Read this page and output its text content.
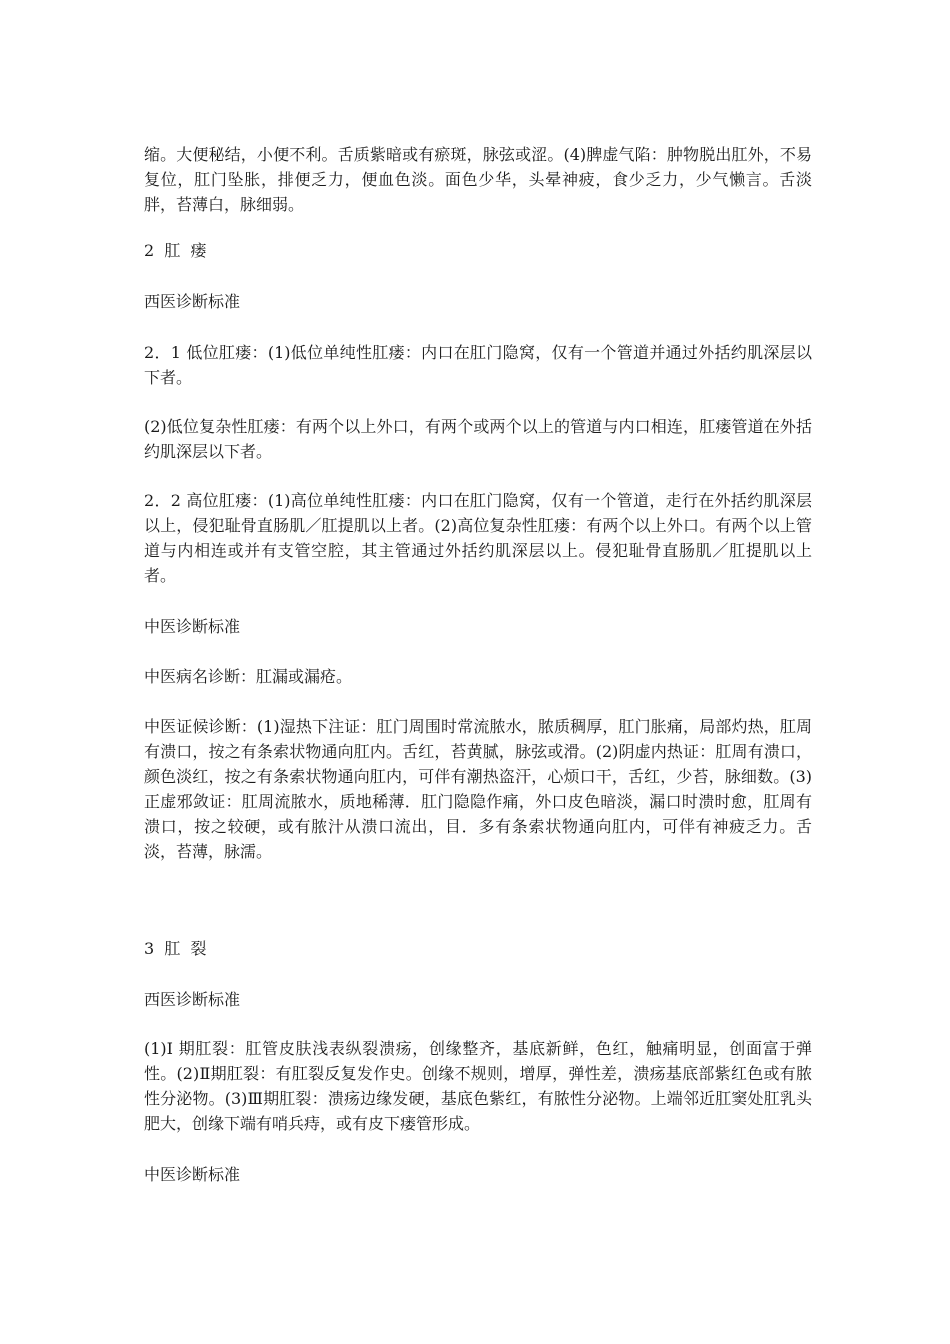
缩。大便秘结，小便不利。舌质紫暗或有瘀斑，脉弦或涩。(4)脾虚气陷：肿物脱出肛外，不易复位，肛门坠胀，排便乏力，便血色淡。面色少华，头晕神疲，食少乏力，少气懒言。舌淡胖，苔薄白，脉细弱。

2  肛  瘘

西医诊断标准

2．1 低位肛瘘：(1)低位单纯性肛瘘：内口在肛门隐窝，仅有一个管道并通过外括约肌深层以下者。

(2)低位复杂性肛瘘：有两个以上外口，有两个或两个以上的管道与内口相连，肛瘘管道在外括约肌深层以下者。

2．2 高位肛瘘：(1)高位单纯性肛瘘：内口在肛门隐窝，仅有一个管道，走行在外括约肌深层以上，侵犯耻骨直肠肌／肛提肌以上者。(2)高位复杂性肛瘘：有两个以上外口。有两个以上管道与内相连或并有支管空腔，其主管通过外括约肌深层以上。侵犯耻骨直肠肌／肛提肌以上者。

中医诊断标准

中医病名诊断：肛漏或漏疮。

中医证候诊断：(1)湿热下注证：肛门周围时常流脓水，脓质稠厚，肛门胀痛，局部灼热，肛周有溃口，按之有条索状物通向肛内。舌红，苔黄腻，脉弦或滑。(2)阴虚内热证：肛周有溃口，颜色淡红，按之有条索状物通向肛内，可伴有潮热盗汗，心烦口干，舌红，少苔，脉细数。(3)正虚邪敛证：肛周流脓水，质地稀薄．肛门隐隐作痛，外口皮色暗淡，漏口时溃时愈，肛周有溃口，按之较硬，或有脓汁从溃口流出，目．多有条索状物通向肛内，可伴有神疲乏力。舌淡，苔薄，脉濡。

3  肛  裂

西医诊断标准

(1)I 期肛裂：肛管皮肤浅表纵裂溃疡，创缘整齐，基底新鲜，色红，触痛明显，创面富于弹性。(2)Ⅱ期肛裂：有肛裂反复发作史。创缘不规则，增厚，弹性差，溃疡基底部紫红色或有脓性分泌物。(3)Ⅲ期肛裂：溃疡边缘发硬，基底色紫红，有脓性分泌物。上端邻近肛窦处肛乳头肥大，创缘下端有哨兵痔，或有皮下瘘管形成。

中医诊断标准
